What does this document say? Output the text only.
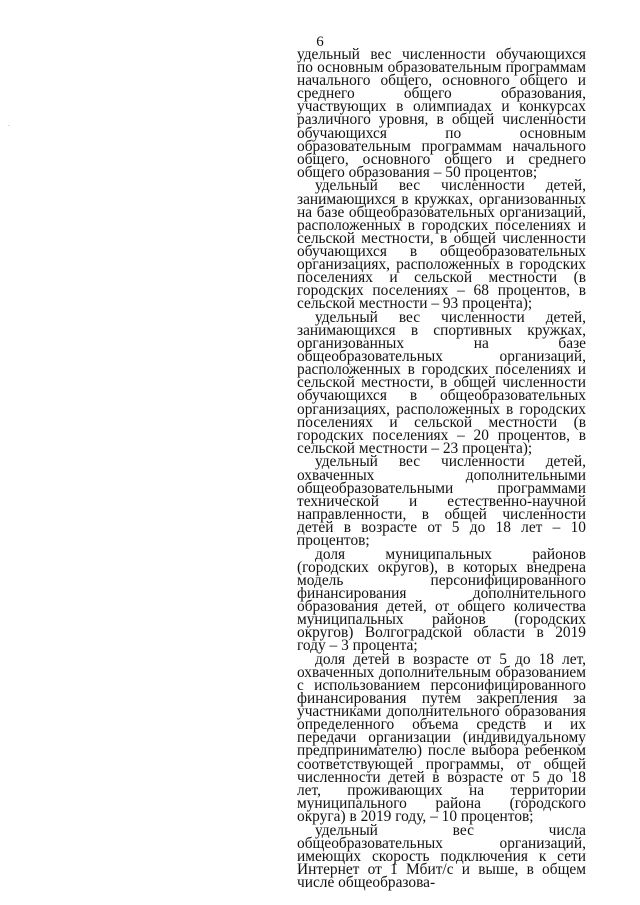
6

удельный вес численности обучающихся по основным образовательным программам начального общего, основного общего и среднего общего образования, участвующих в олимпиадах и конкурсах различного уровня, в общей численности обучающихся по основным образовательным программам начального общего, основного общего и среднего общего образования – 50 процентов;

удельный вес численности детей, занимающихся в кружках, организованных на базе общеобразовательных организаций, расположенных в городских поселениях и сельской местности, в общей численности обучающихся в общеобразовательных организациях, расположенных в городских поселениях и сельской местности (в городских поселениях – 68 процентов, в сельской местности – 93 процента);

удельный вес численности детей, занимающихся в спортивных кружках, организованных на базе общеобразовательных организаций, расположенных в городских поселениях и сельской местности, в общей численности обучающихся в общеобразовательных организациях, расположенных в городских поселениях и сельской местности (в городских поселениях – 20 процентов, в сельской местности – 23 процента);

удельный вес численности детей, охваченных дополнительными общеобразовательными программами технической и естественно-научной направленности, в общей численности детей в возрасте от 5 до 18 лет – 10 процентов;

доля муниципальных районов (городских округов), в которых внедрена модель персонифицированного финансирования дополнительного образования детей, от общего количества муниципальных районов (городских округов) Волгоградской области в 2019 году – 3 процента;

доля детей в возрасте от 5 до 18 лет, охваченных дополнительным образованием с использованием персонифицированного финансирования путем закрепления за участниками дополнительного образования определенного объема средств и их передачи организации (индивидуальному предпринимателю) после выбора ребенком соответствующей программы, от общей численности детей в возрасте от 5 до 18 лет, проживающих на территории муниципального района (городского округа) в 2019 году, – 10 процентов;

удельный вес числа общеобразовательных организаций, имеющих скорость подключения к сети Интернет от 1 Мбит/с и выше, в общем числе общеобразова-
